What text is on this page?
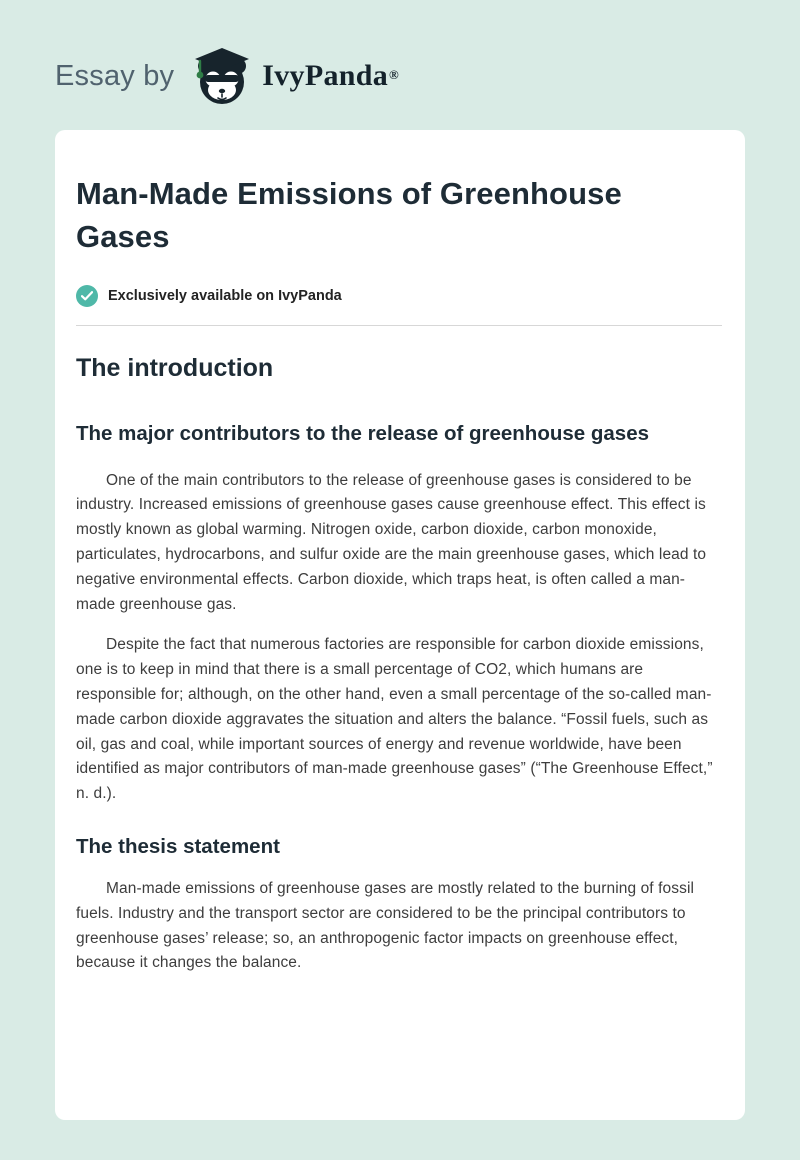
Essay by	IvyPanda®
Man-Made Emissions of Greenhouse Gases
Exclusively available on IvyPanda
The introduction
The major contributors to the release of greenhouse gases

One of the main contributors to the release of greenhouse gases is considered to be industry. Increased emissions of greenhouse gases cause greenhouse effect. This effect is mostly known as global warming. Nitrogen oxide, carbon dioxide, carbon monoxide, particulates, hydrocarbons, and sulfur oxide are the main greenhouse gases, which lead to negative environmental effects. Carbon dioxide, which traps heat, is often called a man-made greenhouse gas.

Despite the fact that numerous factories are responsible for carbon dioxide emissions, one is to keep in mind that there is a small percentage of CO2, which humans are responsible for; although, on the other hand, even a small percentage of the so-called man-made carbon dioxide aggravates the situation and alters the balance. “Fossil fuels, such as oil, gas and coal, while important sources of energy and revenue worldwide, have been identified as major contributors of man-made greenhouse gases” (“The Greenhouse Effect,” n. d.).

The thesis statement

Man-made emissions of greenhouse gases are mostly related to the burning of fossil fuels. Industry and the transport sector are considered to be the principal contributors to greenhouse gases’ release; so, an anthropogenic factor impacts on greenhouse effect, because it changes the balance.
